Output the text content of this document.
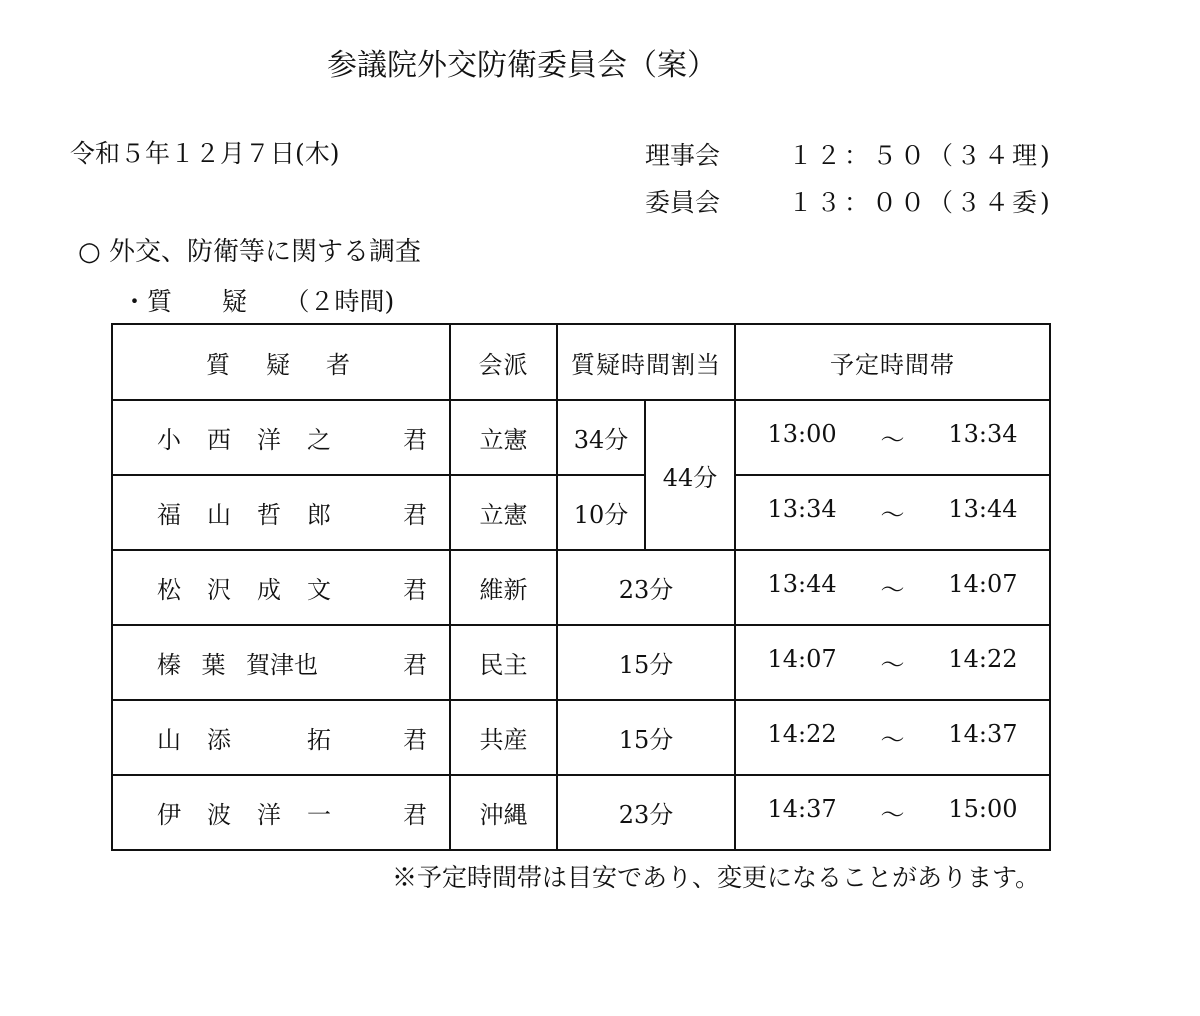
参議院外交防衛委員会（案）
令和５年１２月７日(木)	理事会	１２：５０（３４理)
委員会	１３：００（３４委)
○ 外交、防衛等に関する調査
・質　　疑　　（２時間)
質　疑　者	会派	質疑時間割当		予定時間帯

小 西 洋 之 君	立憲	34分	44分	13:00 ～ 13:34

福 山 哲 郎 君	立憲	10分		13:34 ～ 13:44

松 沢 成 文 君	維新	23分		13:44 ～ 14:07

榛 葉 賀津也 君	民主	15分		14:07 ～ 14:22

山 添 拓 君	共産	15分		14:22 ～ 14:37

伊 波 洋 一 君	沖縄	23分		14:37 ～ 15:00
※予定時間帯は目安であり、変更になることがあります。
